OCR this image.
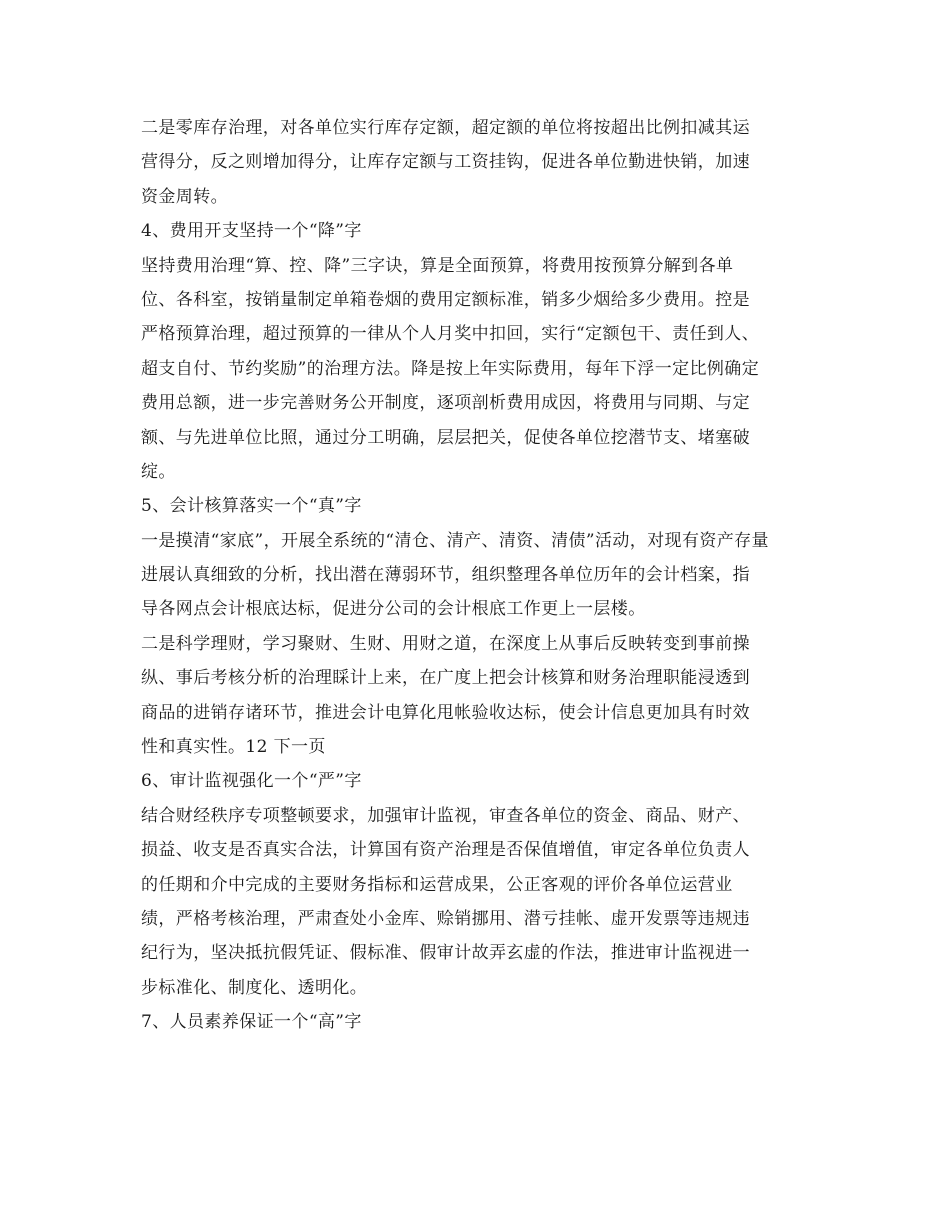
二是零库存治理，对各单位实行库存定额，超定额的单位将按超出比例扣减其运
营得分，反之则增加得分，让库存定额与工资挂钩，促进各单位勤进快销，加速
资金周转。
4、费用开支坚持一个“降”字
坚持费用治理“算、控、降”三字诀，算是全面预算，将费用按预算分解到各单
位、各科室，按销量制定单箱卷烟的费用定额标准，销多少烟给多少费用。控是
严格预算治理，超过预算的一律从个人月奖中扣回，实行“定额包干、责任到人、
超支自付、节约奖励”的治理方法。降是按上年实际费用，每年下浮一定比例确定
费用总额，进一步完善财务公开制度，逐项剖析费用成因，将费用与同期、与定
额、与先进单位比照，通过分工明确，层层把关，促使各单位挖潜节支、堵塞破
绽。
5、会计核算落实一个“真”字
一是摸清“家底”，开展全系统的“清仓、清产、清资、清债”活动，对现有资产存量
进展认真细致的分析，找出潜在薄弱环节，组织整理各单位历年的会计档案，指
导各网点会计根底达标，促进分公司的会计根底工作更上一层楼。
二是科学理财，学习聚财、生财、用财之道，在深度上从事后反映转变到事前操
纵、事后考核分析的治理睬计上来，在广度上把会计核算和财务治理职能浸透到
商品的进销存诸环节，推进会计电算化甩帐验收达标，使会计信息更加具有时效
性和真实性。12 下一页
6、审计监视强化一个“严”字
结合财经秩序专项整顿要求，加强审计监视，审查各单位的资金、商品、财产、
损益、收支是否真实合法，计算国有资产治理是否保值增值，审定各单位负责人
的任期和介中完成的主要财务指标和运营成果，公正客观的评价各单位运营业
绩，严格考核治理，严肃查处小金库、赊销挪用、潜亏挂帐、虚开发票等违规违
纪行为，坚决抵抗假凭证、假标准、假审计故弄玄虚的作法，推进审计监视进一
步标准化、制度化、透明化。
7、人员素养保证一个“高”字
